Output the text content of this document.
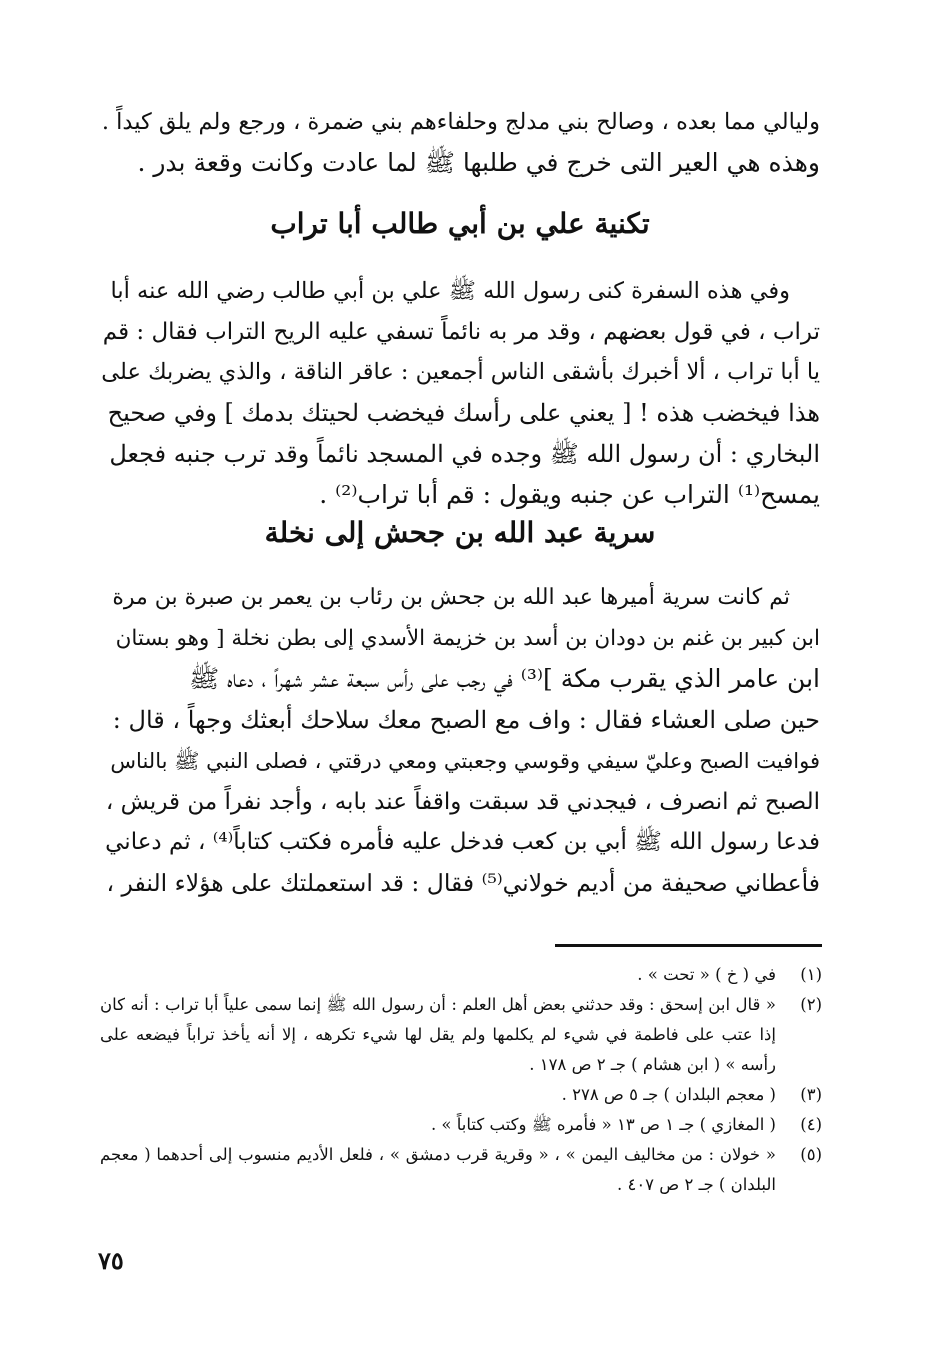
وليالي مما بعده ، وصالح بني مدلج وحلفاءهم بني ضمرة ، ورجع ولم يلق كيداً .
وهذه هي العير التى خرج في طلبها ﷺ لما عادت وكانت وقعة بدر .
تكنية علي بن أبي طالب أبا تراب
وفي هذه السفرة كنى رسول الله ﷺ علي بن أبي طالب رضي الله عنه أبا
تراب ، في قول بعضهم ، وقد مر به نائماً تسفي عليه الريح التراب فقال : قم
يا أبا تراب ، ألا أخبرك بأشقى الناس أجمعين : عاقر الناقة ، والذي يضربك على
هذا فيخضب هذه ! [ يعني على رأسك فيخضب لحيتك بدمك ] وفي صحيح
البخاري : أن رسول الله ﷺ وجده في المسجد نائماً وقد ترب جنبه فجعل
يمسح⁽¹⁾ التراب عن جنبه ويقول : قم أبا تراب⁽²⁾ .
سرية عبد الله بن جحش إلى نخلة
ثم كانت سرية أميرها عبد الله بن جحش بن رئاب بن يعمر بن صبرة بن مرة
ابن كبير بن غنم بن دودان بن أسد بن خزيمة الأسدي إلى بطن نخلة [ وهو بستان
ابن عامر الذي يقرب مكة ]⁽³⁾ في رجب على رأس سبعة عشر شهراً ، دعاه ﷺ
حين صلى العشاء فقال : واف مع الصبح معك سلاحك أبعثك وجهاً ، قال :
فوافيت الصبح وعليّ سيفي وقوسي وجعبتي ومعي درقتي ، فصلى النبي ﷺ بالناس
الصبح ثم انصرف ، فيجدني قد سبقت واقفاً عند بابه ، وأجد نفراً من قريش ،
فدعا رسول الله ﷺ أبي بن كعب فدخل عليه فأمره فكتب كتاباً⁽⁴⁾ ، ثم دعاني
فأعطاني صحيفة من أديم خولاني⁽⁵⁾ فقال : قد استعملتك على هؤلاء النفر ،
(١)
في ( خ ) « تحت » .
(٢)
« قال ابن إسحق : وقد حدثني بعض أهل العلم : أن رسول الله ﷺ إنما سمى علياً أبا تراب : أنه كان إذا عتب على فاطمة في شيء لم يكلمها ولم يقل لها شيء تكرهه ، إلا أنه يأخذ تراباً فيضعه على رأسه » ( ابن هشام ) جـ ٢ ص ١٧٨ .
(٣)
( معجم البلدان ) جـ ٥ ص ٢٧٨ .
(٤)
( المغازي ) جـ ١ ص ١٣ « فأمره ﷺ وكتب كتاباً » .
(٥)
« خولان : من مخاليف اليمن » ، « وقرية قرب دمشق » ، فلعل الأديم منسوب إلى أحدهما ( معجم البلدان ) جـ ٢ ص ٤٠٧ .
٧٥
